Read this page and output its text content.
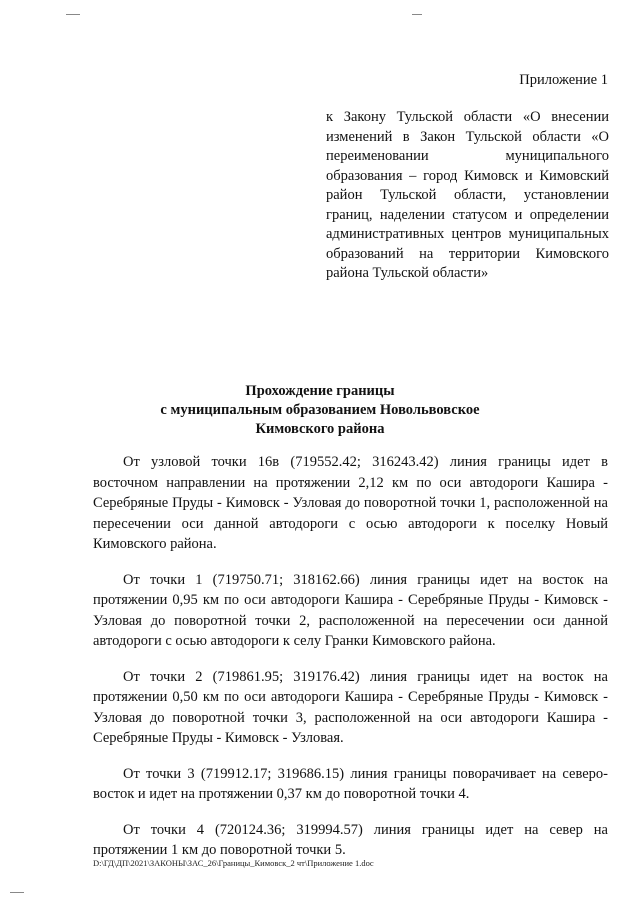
Приложение 1
к Закону Тульской области «О внесении изменений в Закон Тульской области «О переименовании муниципального образования – город Кимовск и Кимовский район Тульской области, установлении границ, наделении статусом и определении административных центров муниципальных образований на территории Кимовского района Тульской области»
Прохождение границы
с муниципальным образованием Новольвовское
Кимовского района

От узловой точки 16в (719552.42; 316243.42) линия границы идет в восточном направлении на протяжении 2,12 км по оси автодороги Кашира - Серебряные Пруды - Кимовск - Узловая до поворотной точки 1, расположенной на пересечении оси данной автодороги с осью автодороги к поселку Новый Кимовского района.

От точки 1 (719750.71; 318162.66) линия границы идет на восток на протяжении 0,95 км по оси автодороги Кашира - Серебряные Пруды - Кимовск - Узловая до поворотной точки 2, расположенной на пересечении оси данной автодороги с осью автодороги к селу Гранки Кимовского района.

От точки 2 (719861.95; 319176.42) линия границы идет на восток на протяжении 0,50 км по оси автодороги Кашира - Серебряные Пруды - Кимовск - Узловая до поворотной точки 3, расположенной на оси автодороги Кашира - Серебряные Пруды - Кимовск - Узловая.

От точки 3 (719912.17; 319686.15) линия границы поворачивает на северо-восток и идет на протяжении 0,37 км до поворотной точки 4.

От точки 4 (720124.36; 319994.57) линия границы идет на север на протяжении 1 км до поворотной точки 5.

D:\ГД\ДП\2021\ЗАКОНЫ\ЗАС_26\Границы_Кимовск_2 чт\Приложение 1.doc
